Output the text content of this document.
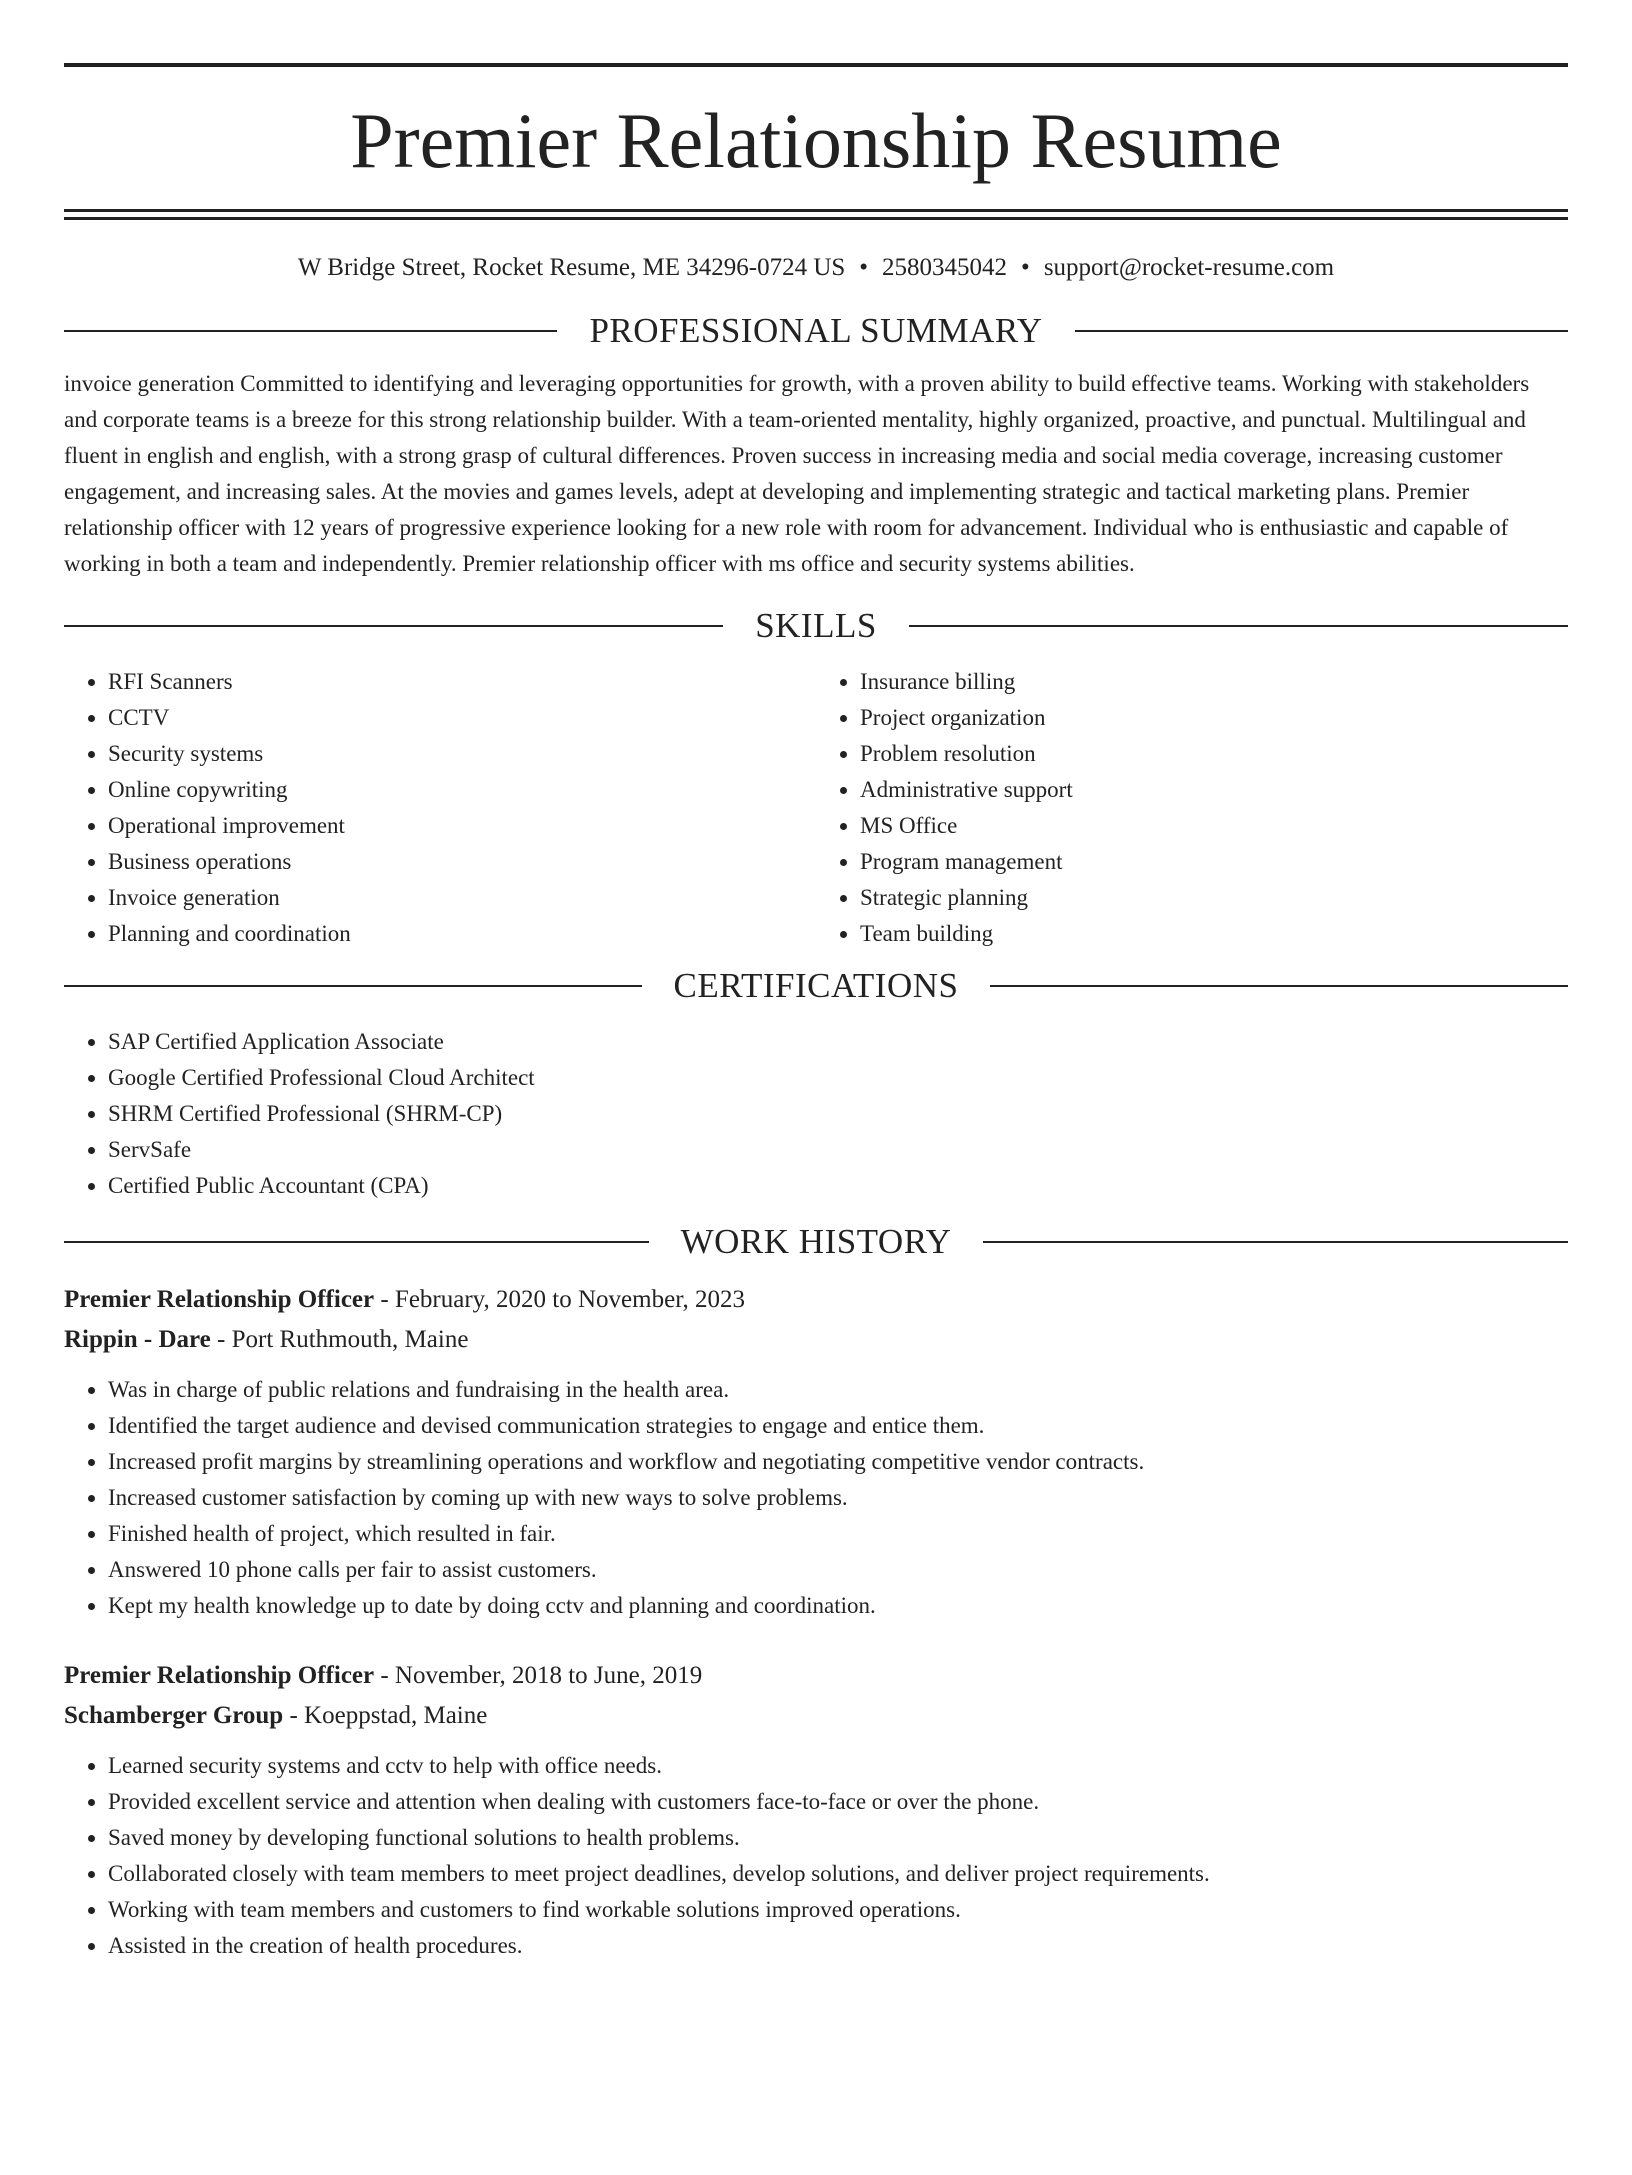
Premier Relationship Resume
W Bridge Street, Rocket Resume, ME 34296-0724 US • 2580345042 • support@rocket-resume.com
PROFESSIONAL SUMMARY

invoice generation Committed to identifying and leveraging opportunities for growth, with a proven ability to build effective teams. Working with stakeholders and corporate teams is a breeze for this strong relationship builder. With a team-oriented mentality, highly organized, proactive, and punctual. Multilingual and fluent in english and english, with a strong grasp of cultural differences. Proven success in increasing media and social media coverage, increasing customer engagement, and increasing sales. At the movies and games levels, adept at developing and implementing strategic and tactical marketing plans. Premier relationship officer with 12 years of progressive experience looking for a new role with room for advancement. Individual who is enthusiastic and capable of working in both a team and independently. Premier relationship officer with ms office and security systems abilities.

SKILLS
• RFI Scanners
• CCTV
• Security systems
• Online copywriting
• Operational improvement
• Business operations
• Invoice generation
• Planning and coordination
• Insurance billing
• Project organization
• Problem resolution
• Administrative support
• MS Office
• Program management
• Strategic planning
• Team building
CERTIFICATIONS
• SAP Certified Application Associate
• Google Certified Professional Cloud Architect
• SHRM Certified Professional (SHRM-CP)
• ServSafe
• Certified Public Accountant (CPA)
WORK HISTORY
Premier Relationship Officer - February, 2020 to November, 2023
Rippin - Dare - Port Ruthmouth, Maine
• Was in charge of public relations and fundraising in the health area.
• Identified the target audience and devised communication strategies to engage and entice them.
• Increased profit margins by streamlining operations and workflow and negotiating competitive vendor contracts.
• Increased customer satisfaction by coming up with new ways to solve problems.
• Finished health of project, which resulted in fair.
• Answered 10 phone calls per fair to assist customers.
• Kept my health knowledge up to date by doing cctv and planning and coordination.
Premier Relationship Officer - November, 2018 to June, 2019
Schamberger Group - Koeppstad, Maine
• Learned security systems and cctv to help with office needs.
• Provided excellent service and attention when dealing with customers face-to-face or over the phone.
• Saved money by developing functional solutions to health problems.
• Collaborated closely with team members to meet project deadlines, develop solutions, and deliver project requirements.
• Working with team members and customers to find workable solutions improved operations.
• Assisted in the creation of health procedures.
